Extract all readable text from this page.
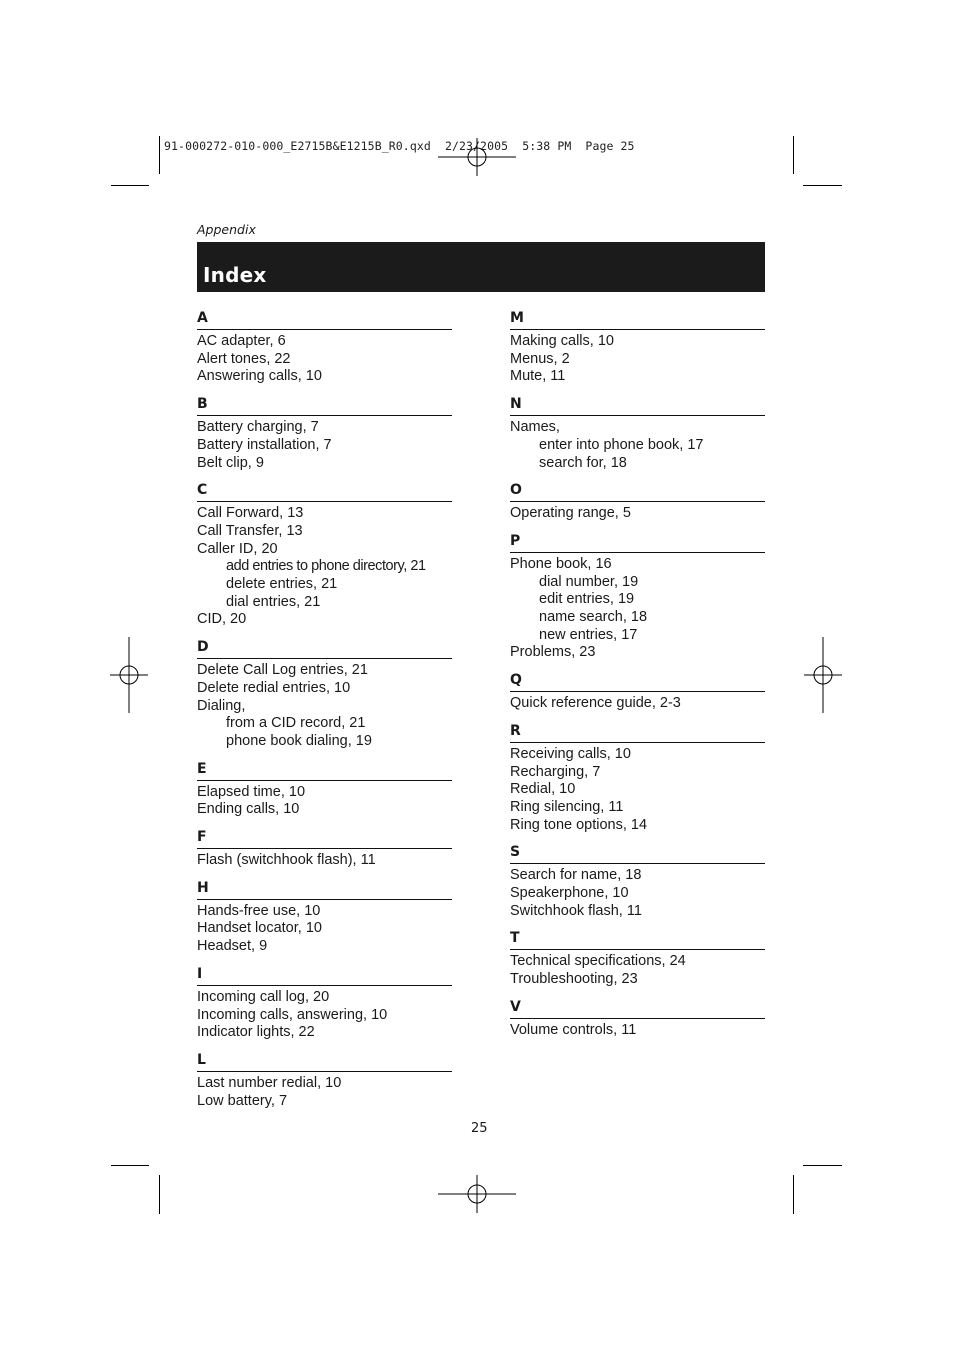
91-000272-010-000_E2715B&E1215B_R0.qxd  2/23/2005  5:38 PM  Page 25
Appendix
Index
A
AC adapter, 6
Alert tones, 22
Answering calls, 10
B
Battery charging, 7
Battery installation, 7
Belt clip, 9
C
Call Forward, 13
Call Transfer, 13
Caller ID, 20
add entries to phone directory, 21
delete entries, 21
dial entries, 21
CID, 20
D
Delete Call Log entries, 21
Delete redial entries, 10
Dialing,
from a CID record, 21
phone book dialing, 19
E
Elapsed time, 10
Ending calls, 10
F
Flash (switchhook flash), 11
H
Hands-free use, 10
Handset locator, 10
Headset, 9
I
Incoming call log, 20
Incoming calls, answering, 10
Indicator lights, 22
L
Last number redial, 10
Low battery, 7
M
Making calls, 10
Menus, 2
Mute, 11
N
Names,
enter into phone book, 17
search for, 18
O
Operating range, 5
P
Phone book, 16
dial number, 19
edit entries, 19
name search, 18
new entries, 17
Problems, 23
Q
Quick reference guide, 2-3
R
Receiving calls, 10
Recharging, 7
Redial, 10
Ring silencing, 11
Ring tone options, 14
S
Search for name, 18
Speakerphone, 10
Switchhook flash, 11
T
Technical specifications, 24
Troubleshooting, 23
V
Volume controls, 11
25
